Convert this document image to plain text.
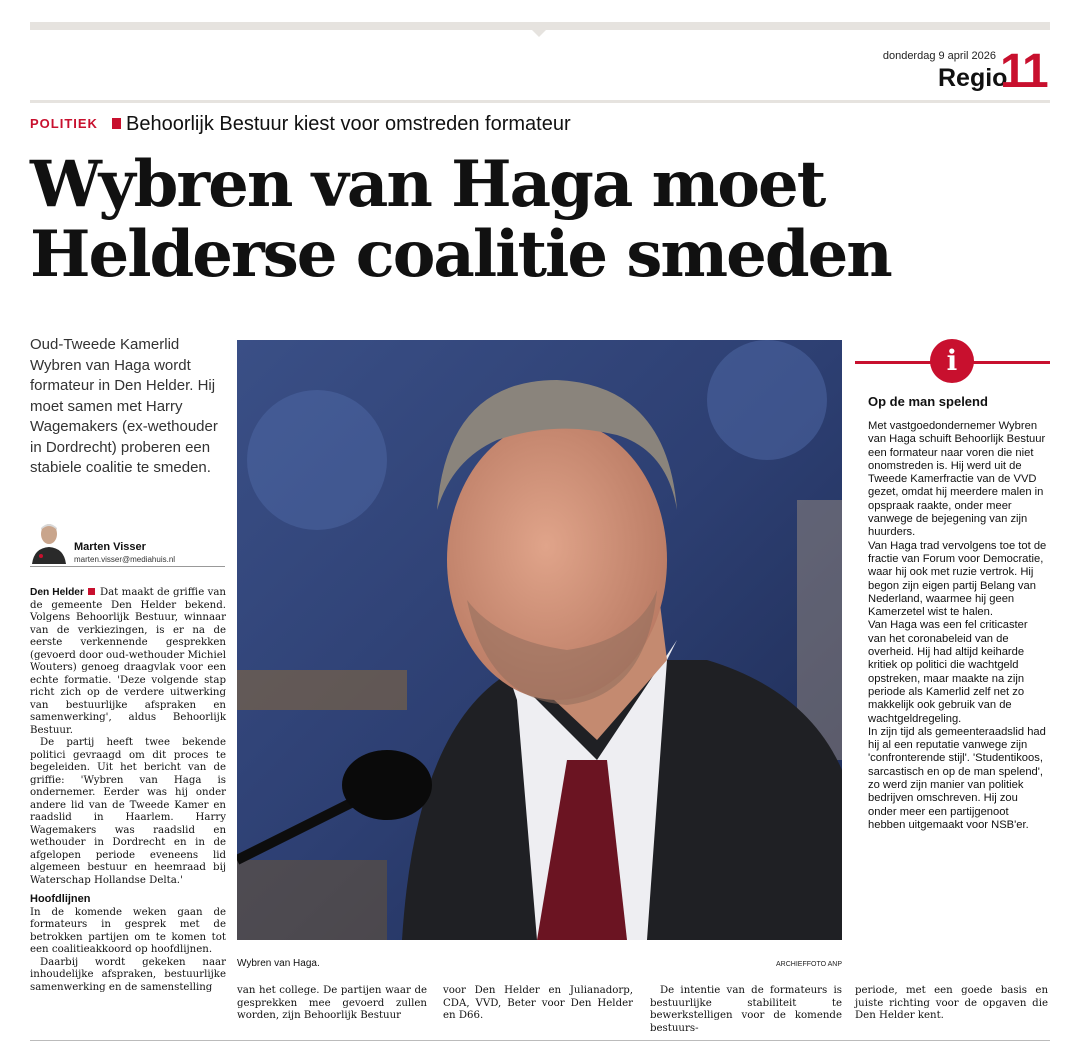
donderdag 9 april 2026
Regio
11
POLITIEK Behoorlijk Bestuur kiest voor omstreden formateur
Wybren van Haga moet Helderse coalitie smeden
Oud-Tweede Kamerlid Wybren van Haga wordt formateur in Den Helder. Hij moet samen met Harry Wagemakers (ex-wethouder in Dordrecht) proberen een stabiele coalitie te smeden.
Marten Visser
marten.visser@mediahuis.nl

Den Helder Dat maakt de griffie van de gemeente Den Helder bekend. Volgens Behoorlijk Bestuur, winnaar van de verkiezingen, is er na de eerste verkennende gesprekken (gevoerd door oud-wethouder Michiel Wouters) genoeg draagvlak voor een echte formatie. 'Deze volgende stap richt zich op de verdere uitwerking van bestuurlijke afspraken en samenwerking', aldus Behoorlijk Bestuur.

De partij heeft twee bekende politici gevraagd om dit proces te begeleiden. Uit het bericht van de griffie: 'Wybren van Haga is ondernemer. Eerder was hij onder andere lid van de Tweede Kamer en raadslid in Haarlem. Harry Wagemakers was raadslid en wethouder in Dordrecht en in de afgelopen periode eveneens lid algemeen bestuur en heemraad bij Waterschap Hollandse Delta.'

Hoofdlijnen

In de komende weken gaan de formateurs in gesprek met de betrokken partijen om te komen tot een coalitieakkoord op hoofdlijnen.

Daarbij wordt gekeken naar inhoudelijke afspraken, bestuurlijke samenwerking en de samenstelling

Wybren van Haga.	ARCHIEFFOTO ANP

van het college. De partijen waar de gesprekken mee gevoerd zullen worden, zijn Behoorlijk Bestuur

voor Den Helder en Julianadorp, CDA, VVD, Beter voor Den Helder en D66.

De intentie van de formateurs is bestuurlijke stabiliteit te bewerkstelligen voor de komende bestuurs-

periode, met een goede basis en juiste richting voor de opgaven die Den Helder kent.

i
Op de man spelend

Met vastgoedondernemer Wybren van Haga schuift Behoorlijk Bestuur een formateur naar voren die niet onomstreden is. Hij werd uit de Tweede Kamerfractie van de VVD gezet, omdat hij meerdere malen in opspraak raakte, onder meer vanwege de bejegening van zijn huurders.

Van Haga trad vervolgens toe tot de fractie van Forum voor Democratie, waar hij ook met ruzie vertrok. Hij begon zijn eigen partij Belang van Nederland, waarmee hij geen Kamerzetel wist te halen.

Van Haga was een fel criticaster van het coronabeleid van de overheid. Hij had altijd keiharde kritiek op politici die wachtgeld opstreken, maar maakte na zijn periode als Kamerlid zelf net zo makkelijk ook gebruik van de wachtgeldregeling.

In zijn tijd als gemeenteraadslid had hij al een reputatie vanwege zijn 'confronterende stijl'. 'Studentikoos, sarcastisch en op de man spelend', zo werd zijn manier van politiek bedrijven omschreven. Hij zou onder meer een partijgenoot hebben uitgemaakt voor NSB'er.
